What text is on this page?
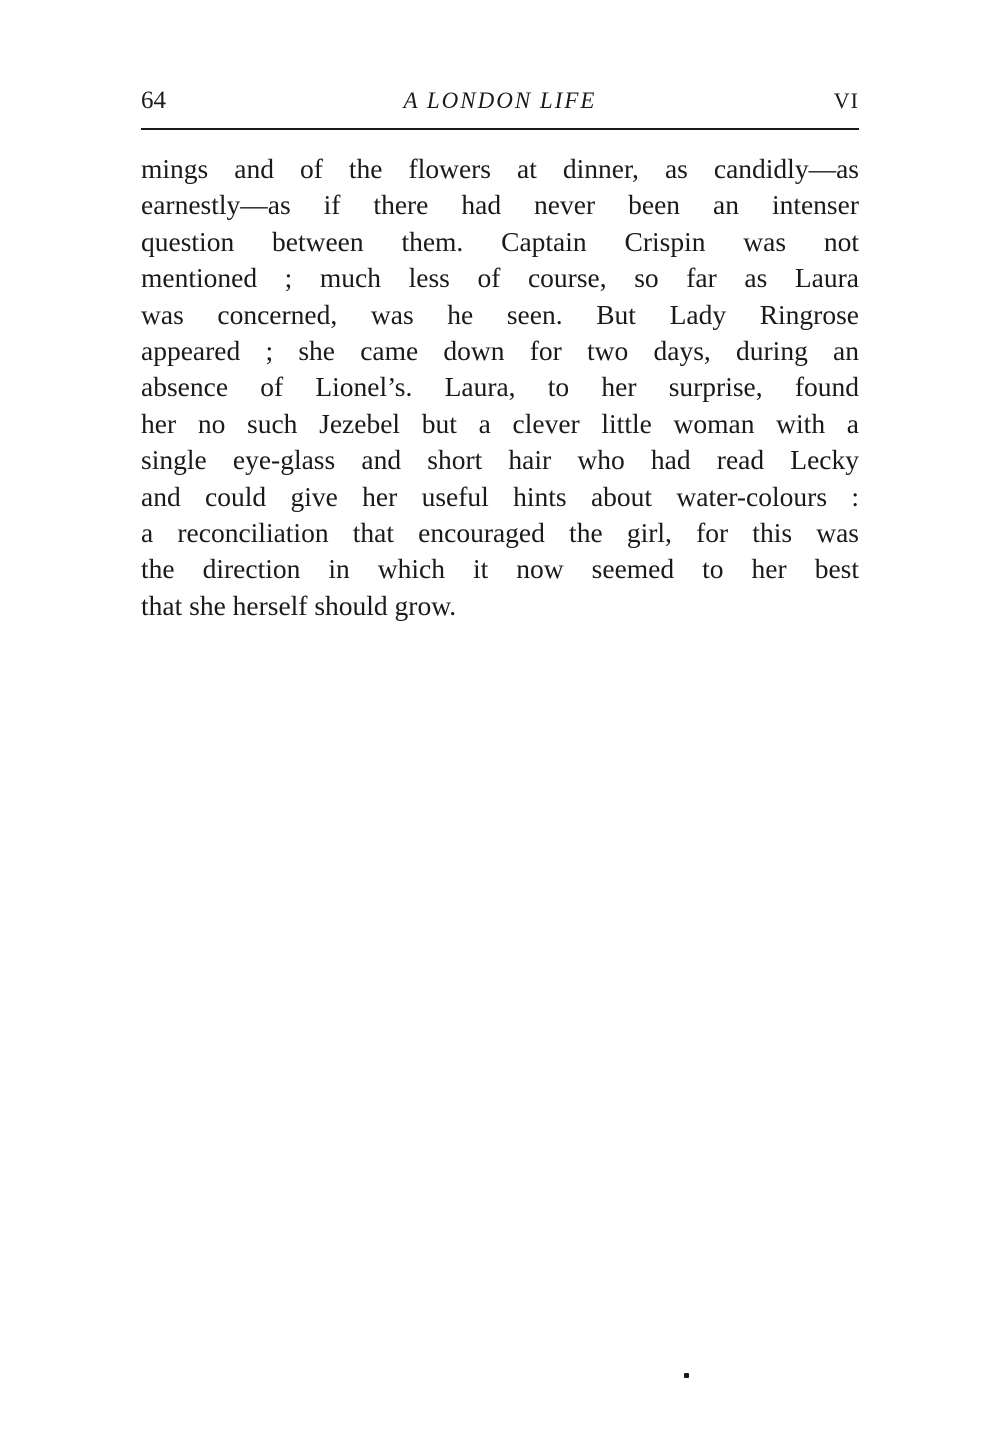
64	A LONDON LIFE	VI
mings and of the flowers at dinner, as candidly—as
earnestly—as if there had never been an intenser
question between them. Captain Crispin was not
mentioned ; much less of course, so far as Laura
was concerned, was he seen. But Lady Ringrose
appeared ; she came down for two days, during an
absence of Lionel’s. Laura, to her surprise, found
her no such Jezebel but a clever little woman with a
single eye-glass and short hair who had read Lecky
and could give her useful hints about water-colours :
a reconciliation that encouraged the girl, for this was
the direction in which it now seemed to her best
that she herself should grow.
